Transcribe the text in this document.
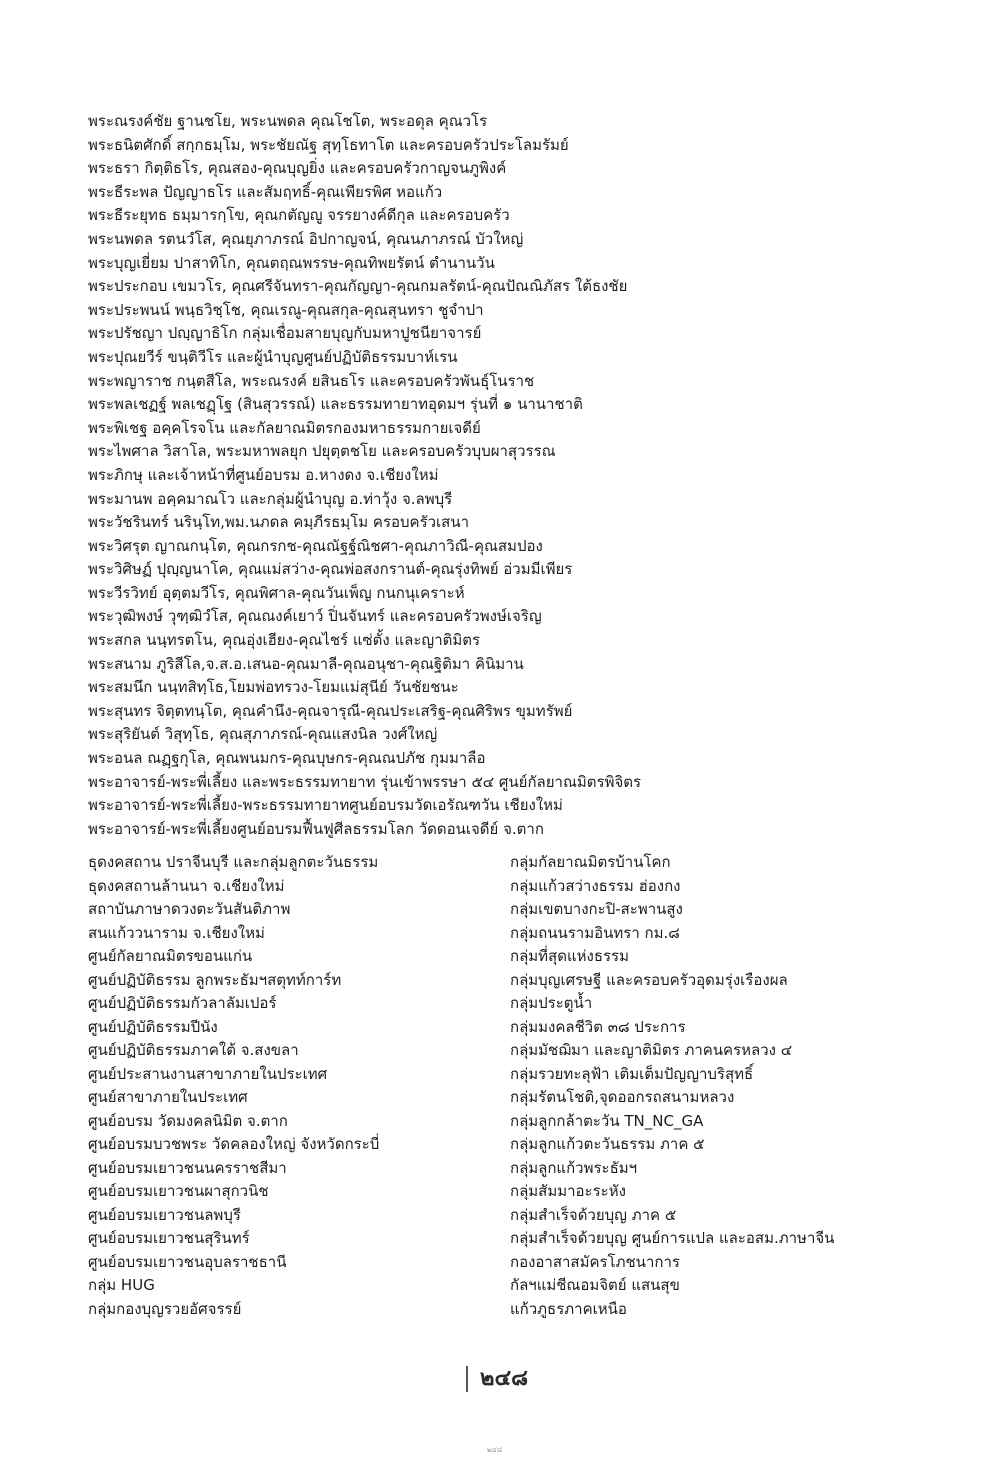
พระณรงค์ชัย ฐานชโย, พระนพดล คุณโชโต, พระอดุล คุณวโร
พระธนิตศักดิ์ สกฺกธมฺโม, พระชัยณัฐ สุทฺโธทาโต และครอบครัวประโลมรัมย์
พระธรา กิตฺติธโร, คุณสอง-คุณบุญยิ่ง และครอบครัวกาญจนภูพิงค์
พระธีระพล ปัญญาธโร และสัมฤทธิ์-คุณเพียรพิศ หอแก้ว
พระธีระยุทธ ธมฺมารกฺโข, คุณกตัญญู จรรยางค์ดีกุล และครอบครัว
พระนพดล รตนวํโส, คุณยุภาภรณ์ อิปกาญจน์, คุณนภาภรณ์ บัวใหญ่
พระบุญเยี่ยม ปาสาทิโก, คุณตฤณพรรษ-คุณทิพยรัตน์ ตำนานวัน
พระประกอบ เขมวโร, คุณศรีจันทรา-คุณกัญญา-คุณกมลรัตน์-คุณปัณณิภัสร ใต้ธงชัย
พระประพนน์ พนฺธวิชฺโช, คุณเรณู-คุณสกุล-คุณสุนทรา ชูจำปา
พระปรัชญา ปญฺญาธิโก กลุ่มเชื่อมสายบุญกับมหาปูชนียาจารย์
พระปุณยวีร์ ขนฺติวีโร และผู้นำบุญศูนย์ปฏิบัติธรรมบาห์เรน
พระพญาราช กนฺตสีโล, พระณรงค์ ยสินธโร และครอบครัวพันธุ์โนราช
พระพลเชฏฐ์ พลเชฏฺโฐ (สินสุวรรณ์) และธรรมทายาทอุดมฯ รุ่นที่ ๑ นานาชาติ
พระพิเชฐ อคฺคโรจโน และกัลยาณมิตรกองมหาธรรมกายเจดีย์
พระไพศาล วิสาโล, พระมหาพลยุก ปยุตฺตชโย และครอบครัวบุบผาสุวรรณ
พระภิกษุ และเจ้าหน้าที่ศูนย์อบรม อ.หางดง จ.เชียงใหม่
พระมานพ อคฺคมาณโว และกลุ่มผู้นำบุญ อ.ท่าวุ้ง จ.ลพบุรี
พระวัชรินทร์ นรินฺโท,พม.นภดล คมฺภีรธมฺโม ครอบครัวเสนา
พระวิศรุต ญาณกนฺโต, คุณกรกช-คุณณัฐฐ์ณิชศา-คุณภาวิณี-คุณสมปอง
พระวิศิษฏ์ ปุญฺญนาโค, คุณแม่สว่าง-คุณพ่อสงกรานต์-คุณรุ่งทิพย์ อ่วมมีเพียร
พระวีรวิทย์ อุตฺตมวีโร, คุณพิศาล-คุณวันเพ็ญ กนกนุเคราะห์
พระวุฒิพงษ์ วุฑฺฒิวํโส, คุณณงค์เยาว์ ปิ่นจันทร์ และครอบครัวพงษ์เจริญ
พระสกล นนฺทรตโน, คุณอุ่งเฮียง-คุณไชร์ แซ่ตั้ง และญาติมิตร
พระสนาม ภูริสีโล,จ.ส.อ.เสนอ-คุณมาลี-คุณอนุชา-คุณฐิติมา คินิมาน
พระสมนึก นนฺทสิทฺโธ,โยมพ่อทรวง-โยมแม่สุนีย์ วันชัยชนะ
พระสุนทร จิตฺตทนฺโต, คุณคำนึง-คุณจารุณี-คุณประเสริฐ-คุณศิริพร ขุมทรัพย์
พระสุริยันต์ วิสุทฺโธ, คุณสุภาภรณ์-คุณแสงนิล วงศ์ใหญ่
พระอนล ณฏฺฐกุโล, คุณพนมกร-คุณบุษกร-คุณณปภัช กุมมาลือ
พระอาจารย์-พระพี่เลี้ยง และพระธรรมทายาท รุ่นเข้าพรรษา ๕๔ ศูนย์กัลยาณมิตรพิจิตร
พระอาจารย์-พระพี่เลี้ยง-พระธรรมทายาทศูนย์อบรมวัดเอรัณฑวัน เชียงใหม่
พระอาจารย์-พระพี่เลี้ยงศูนย์อบรมฟื้นฟูศีลธรรมโลก วัดดอนเจดีย์ จ.ตาก
ธุดงคสถาน ปราจีนบุรี และกลุ่มลูกตะวันธรรม
ธุดงคสถานล้านนา จ.เชียงใหม่
สถาบันภาษาดวงตะวันสันติภาพ
สนแก้ววนาราม จ.เชียงใหม่
ศูนย์กัลยาณมิตรขอนแก่น
ศูนย์ปฏิบัติธรรม ลูกพระธัมฯสตุทท์การ์ท
ศูนย์ปฏิบัติธรรมกัวลาลัมเปอร์
ศูนย์ปฏิบัติธรรมปีนัง
ศูนย์ปฏิบัติธรรมภาคใต้ จ.สงขลา
ศูนย์ประสานงานสาขาภายในประเทศ
ศูนย์สาขาภายในประเทศ
ศูนย์อบรม วัดมงคลนิมิต จ.ตาก
ศูนย์อบรมบวชพระ วัดคลองใหญ่ จังหวัดกระบี่
ศูนย์อบรมเยาวชนนครราชสีมา
ศูนย์อบรมเยาวชนผาสุกวนิช
ศูนย์อบรมเยาวชนลพบุรี
ศูนย์อบรมเยาวชนสุรินทร์
ศูนย์อบรมเยาวชนอุบลราชธานี
กลุ่ม HUG
กลุ่มกองบุญรวยอัศจรรย์
กลุ่มกัลยาณมิตรบ้านโคก
กลุ่มแก้วสว่างธรรม ฮ่องกง
กลุ่มเขตบางกะปิ-สะพานสูง
กลุ่มถนนรามอินทรา กม.๘
กลุ่มที่สุดแห่งธรรม
กลุ่มบุญเศรษฐี และครอบครัวอุดมรุ่งเรืองผล
กลุ่มประตูน้ำ
กลุ่มมงคลชีวิต ๓๘ ประการ
กลุ่มมัชฌิมา และญาติมิตร ภาคนครหลวง ๔
กลุ่มรวยทะลุฟ้า เติมเต็มปัญญาบริสุทธิ์
กลุ่มรัตนโชติ,จุดออกรถสนามหลวง
กลุ่มลูกกล้าตะวัน TN_NC_GA
กลุ่มลูกแก้วตะวันธรรม ภาค ๕
กลุ่มลูกแก้วพระธัมฯ
กลุ่มสัมมาอะระหัง
กลุ่มสำเร็จด้วยบุญ ภาค ๕
กลุ่มสำเร็จด้วยบุญ ศูนย์การแปล และอสม.ภาษาจีน
กองอาสาสมัครโภชนาการ
กัลฯแม่ชีณอมจิตย์ แสนสุข
แก้วภูธรภาคเหนือ
๒๔๘
๒๔๘
